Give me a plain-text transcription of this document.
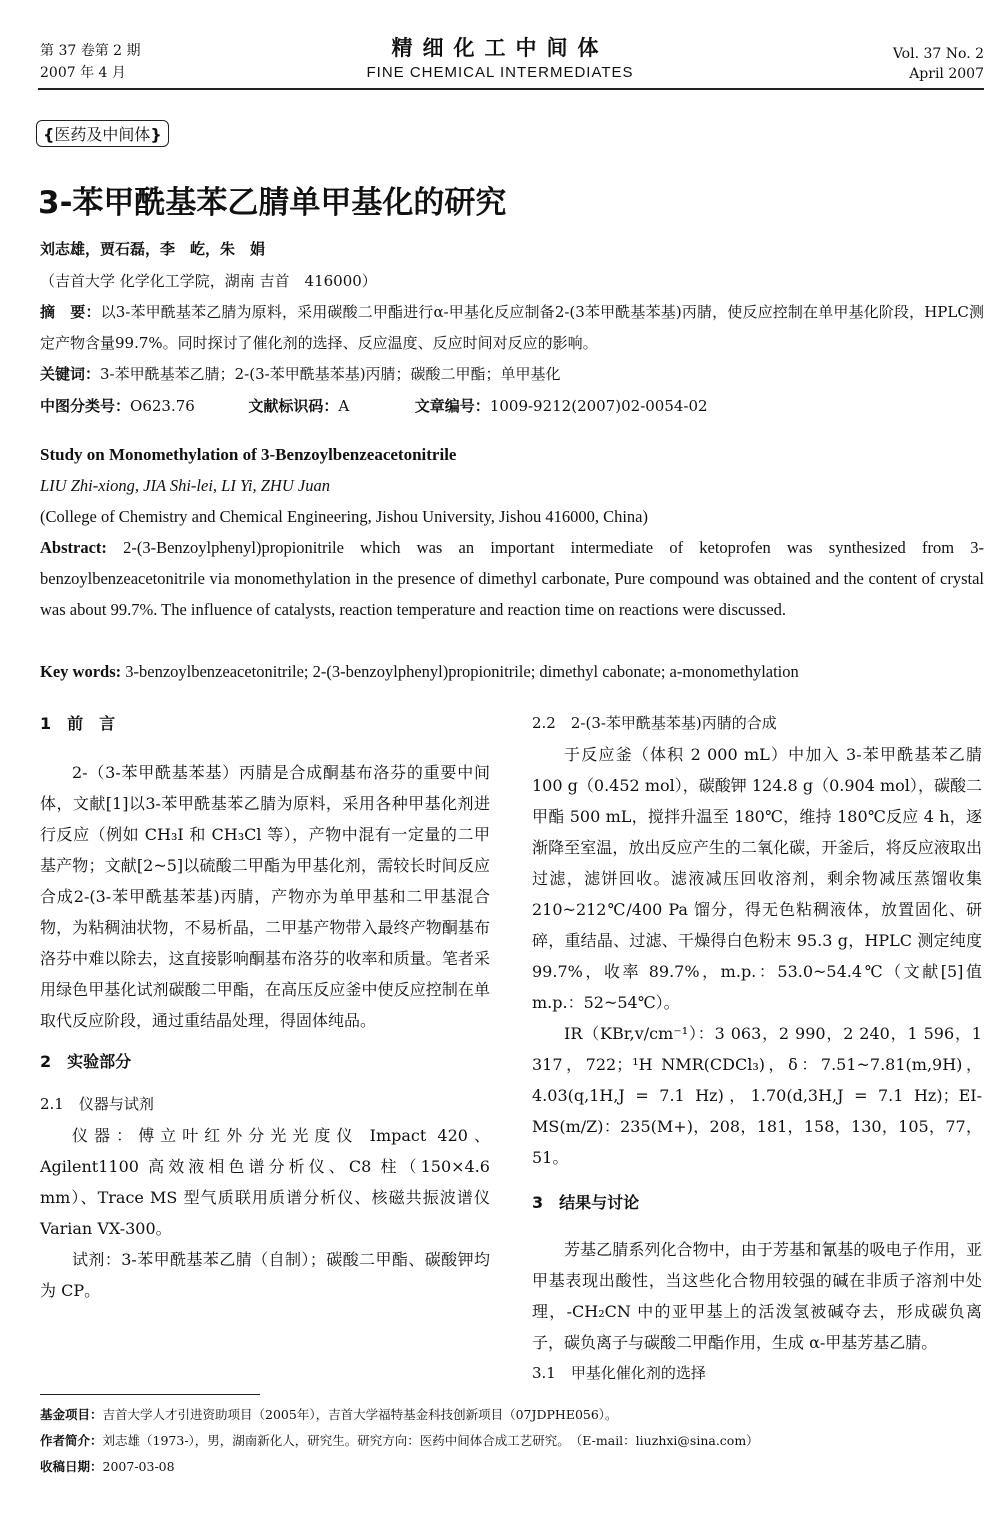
第 37 卷第 2 期
2007 年 4 月
精细化工中间体
FINE CHEMICAL INTERMEDIATES
Vol. 37 No. 2
April 2007
{医药及中间体}
3-苯甲酰基苯乙腈单甲基化的研究
刘志雄，贾石磊，李　屹，朱　娟
（吉首大学 化学化工学院，湖南 吉首　416000）
摘　要：以3-苯甲酰基苯乙腈为原料，采用碳酸二甲酯进行α-甲基化反应制备2-(3苯甲酰基苯基)丙腈，使反应控制在单甲基化阶段，HPLC测定产物含量99.7%。同时探讨了催化剂的选择、反应温度、反应时间对反应的影响。
关键词：3-苯甲酰基苯乙腈；2-(3-苯甲酰基苯基)丙腈；碳酸二甲酯；单甲基化
中图分类号：O623.76	文献标识码：A	文章编号：1009-9212(2007)02-0054-02
Study on Monomethylation of 3-Benzoylbenzeacetonitrile
LIU Zhi-xiong, JIA Shi-lei, LI Yi, ZHU Juan
(College of Chemistry and Chemical Engineering, Jishou University, Jishou 416000, China)
Abstract: 2-(3-Benzoylphenyl)propionitrile which was an important intermediate of ketoprofen was synthesized from 3-benzoylbenzeacetonitrile via monomethylation in the presence of dimethyl carbonate, Pure compound was obtained and the content of crystal was about 99.7%. The influence of catalysts, reaction temperature and reaction time on reactions were discussed.
Key words: 3-benzoylbenzeacetonitrile; 2-(3-benzoylphenyl)propionitrile; dimethyl cabonate; a-monomethylation
1　前　言

2-（3-苯甲酰基苯基）丙腈是合成酮基布洛芬的重要中间体，文献[1]以3-苯甲酰基苯乙腈为原料，采用各种甲基化剂进行反应（例如 CH₃I 和 CH₃Cl 等），产物中混有一定量的二甲基产物；文献[2~5]以硫酸二甲酯为甲基化剂，需较长时间反应合成2-(3-苯甲酰基苯基)丙腈，产物亦为单甲基和二甲基混合物，为粘稠油状物，不易析晶，二甲基产物带入最终产物酮基布洛芬中难以除去，这直接影响酮基布洛芬的收率和质量。笔者采用绿色甲基化试剂碳酸二甲酯，在高压反应釜中使反应控制在单取代反应阶段，通过重结晶处理，得固体纯品。

2　实验部分
2.1　仪器与试剂

仪器：傅立叶红外分光光度仪 Impact 420、Agilent1100 高效液相色谱分析仪、C8 柱（150×4.6 mm）、Trace MS 型气质联用质谱分析仪、核磁共振波谱仪 Varian VX-300。

试剂：3-苯甲酰基苯乙腈（自制）；碳酸二甲酯、碳酸钾均为 CP。

2.2　2-(3-苯甲酰基苯基)丙腈的合成

于反应釜（体积 2 000 mL）中加入 3-苯甲酰基苯乙腈 100 g（0.452 mol），碳酸钾 124.8 g（0.904 mol），碳酸二甲酯 500 mL，搅拌升温至 180℃，维持 180℃反应 4 h，逐渐降至室温，放出反应产生的二氧化碳，开釜后，将反应液取出过滤，滤饼回收。滤液减压回收溶剂，剩余物减压蒸馏收集 210~212℃/400 Pa 馏分，得无色粘稠液体，放置固化、研碎，重结晶、过滤、干燥得白色粉末 95.3 g，HPLC 测定纯度 99.7%，收率 89.7%，m.p.：53.0~54.4℃（文献[5]值 m.p.：52~54℃）。

IR（KBr,v/cm⁻¹）：3 063，2 990，2 240，1 596，1 317，722；¹H NMR(CDCl₃)，δ：7.51~7.81(m,9H)，4.03(q,1H,J = 7.1 Hz)，1.70(d,3H,J = 7.1 Hz)；EI-MS(m/Z)：235(M+)，208，181，158，130，105，77，51。

3　结果与讨论

芳基乙腈系列化合物中，由于芳基和氰基的吸电子作用，亚甲基表现出酸性，当这些化合物用较强的碱在非质子溶剂中处理，-CH₂CN 中的亚甲基上的活泼氢被碱夺去，形成碳负离子，碳负离子与碳酸二甲酯作用，生成 α-甲基芳基乙腈。

3.1　甲基化催化剂的选择
基金项目：吉首大学人才引进资助项目（2005年），吉首大学福特基金科技创新项目（07JDPHE056）。
作者简介：刘志雄（1973-），男，湖南新化人，研究生。研究方向：医药中间体合成工艺研究。　（E-mail：liuzhxi@sina.com）
收稿日期：2007-03-08
